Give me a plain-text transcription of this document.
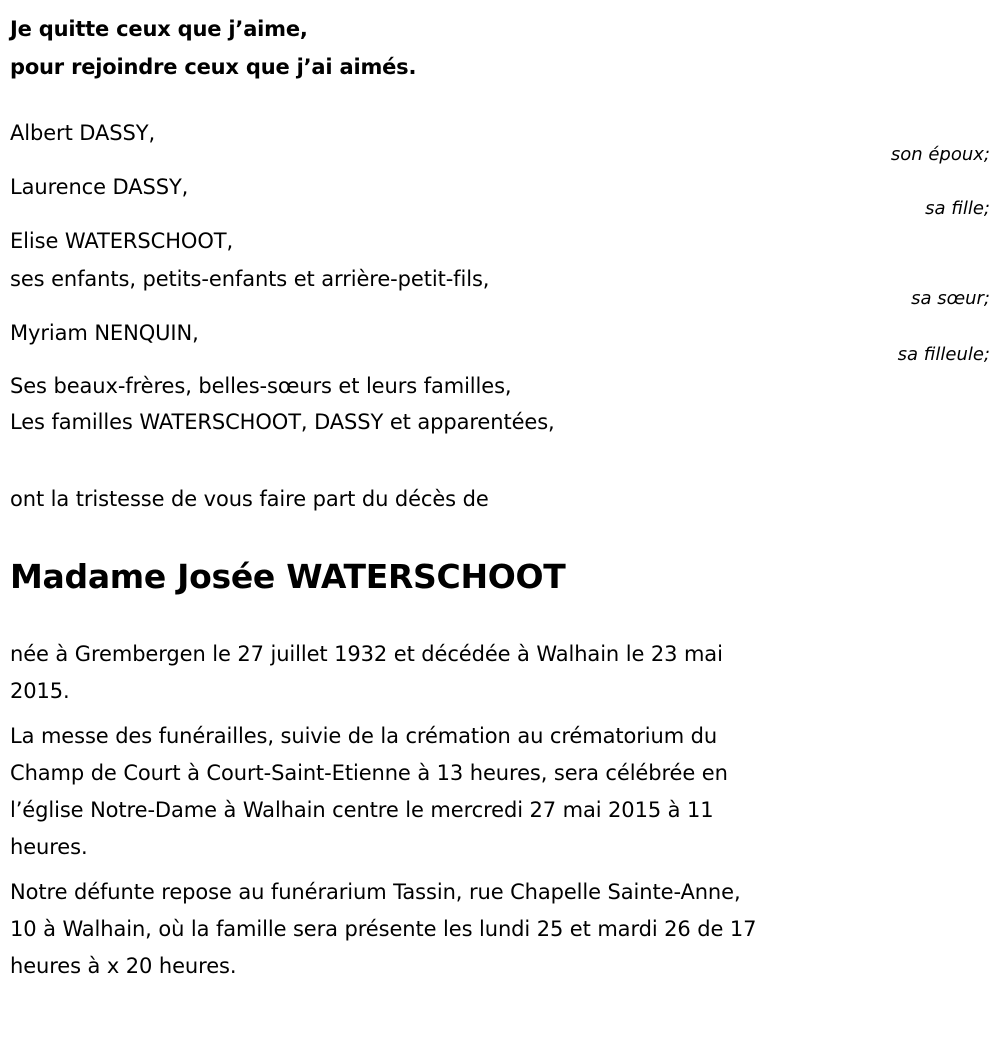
Je quitte ceux que j’aime,
pour rejoindre ceux que j’ai aimés.
Albert DASSY,
son époux;
Laurence DASSY,
sa fille;
Elise WATERSCHOOT,
ses enfants, petits-enfants et arrière-petit-fils,
sa sœur;
Myriam NENQUIN,
sa filleule;
Ses beaux-frères, belles-sœurs et leurs familles,
Les familles WATERSCHOOT, DASSY et apparentées,
ont la tristesse de vous faire part du décès de
Madame Josée WATERSCHOOT

née à Grembergen le 27 juillet 1932 et décédée à Walhain le 23 mai 2015.

La messe des funérailles, suivie de la crémation au crématorium du Champ de Court à Court-Saint-Etienne à 13 heures, sera célébrée en l’église Notre-Dame à Walhain centre le mercredi 27 mai 2015 à 11 heures.

Notre défunte repose au funérarium Tassin, rue Chapelle Sainte-Anne, 10 à Walhain, où la famille sera présente les lundi 25 et mardi 26 de 17 heures à x 20 heures.
